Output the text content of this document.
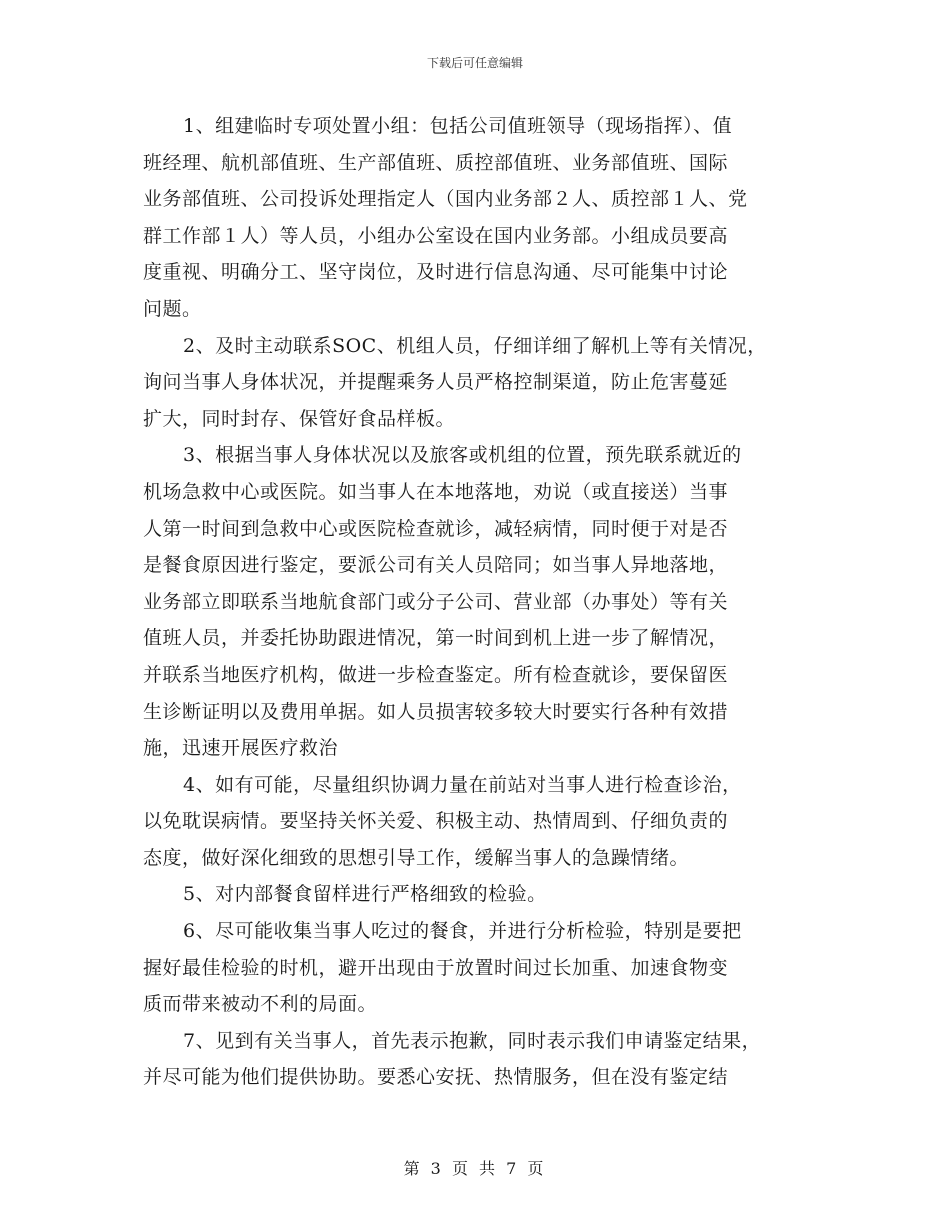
下载后可任意编辑
1、组建临时专项处置小组：包括公司值班领导（现场指挥）、值
班经理、航机部值班、生产部值班、质控部值班、业务部值班、国际
业务部值班、公司投诉处理指定人（国内业务部２人、质控部１人、党
群工作部１人）等人员，小组办公室设在国内业务部。小组成员要高
度重视、明确分工、坚守岗位，及时进行信息沟通、尽可能集中讨论
问题。
2、及时主动联系SOC、机组人员，仔细详细了解机上等有关情况，
询问当事人身体状况，并提醒乘务人员严格控制渠道，防止危害蔓延
扩大，同时封存、保管好食品样板。
3、根据当事人身体状况以及旅客或机组的位置，预先联系就近的
机场急救中心或医院。如当事人在本地落地，劝说（或直接送）当事
人第一时间到急救中心或医院检查就诊，减轻病情，同时便于对是否
是餐食原因进行鉴定，要派公司有关人员陪同；如当事人异地落地，
业务部立即联系当地航食部门或分子公司、营业部（办事处）等有关
值班人员，并委托协助跟进情况，第一时间到机上进一步了解情况，
并联系当地医疗机构，做进一步检查鉴定。所有检查就诊，要保留医
生诊断证明以及费用单据。如人员损害较多较大时要实行各种有效措
施，迅速开展医疗救治
4、如有可能，尽量组织协调力量在前站对当事人进行检查诊治，
以免耽误病情。要坚持关怀关爱、积极主动、热情周到、仔细负责的
态度，做好深化细致的思想引导工作，缓解当事人的急躁情绪。
5、对内部餐食留样进行严格细致的检验。
6、尽可能收集当事人吃过的餐食，并进行分析检验，特别是要把
握好最佳检验的时机，避开出现由于放置时间过长加重、加速食物变
质而带来被动不利的局面。
7、见到有关当事人，首先表示抱歉，同时表示我们申请鉴定结果，
并尽可能为他们提供协助。要悉心安抚、热情服务，但在没有鉴定结
第 3 页 共 7 页
